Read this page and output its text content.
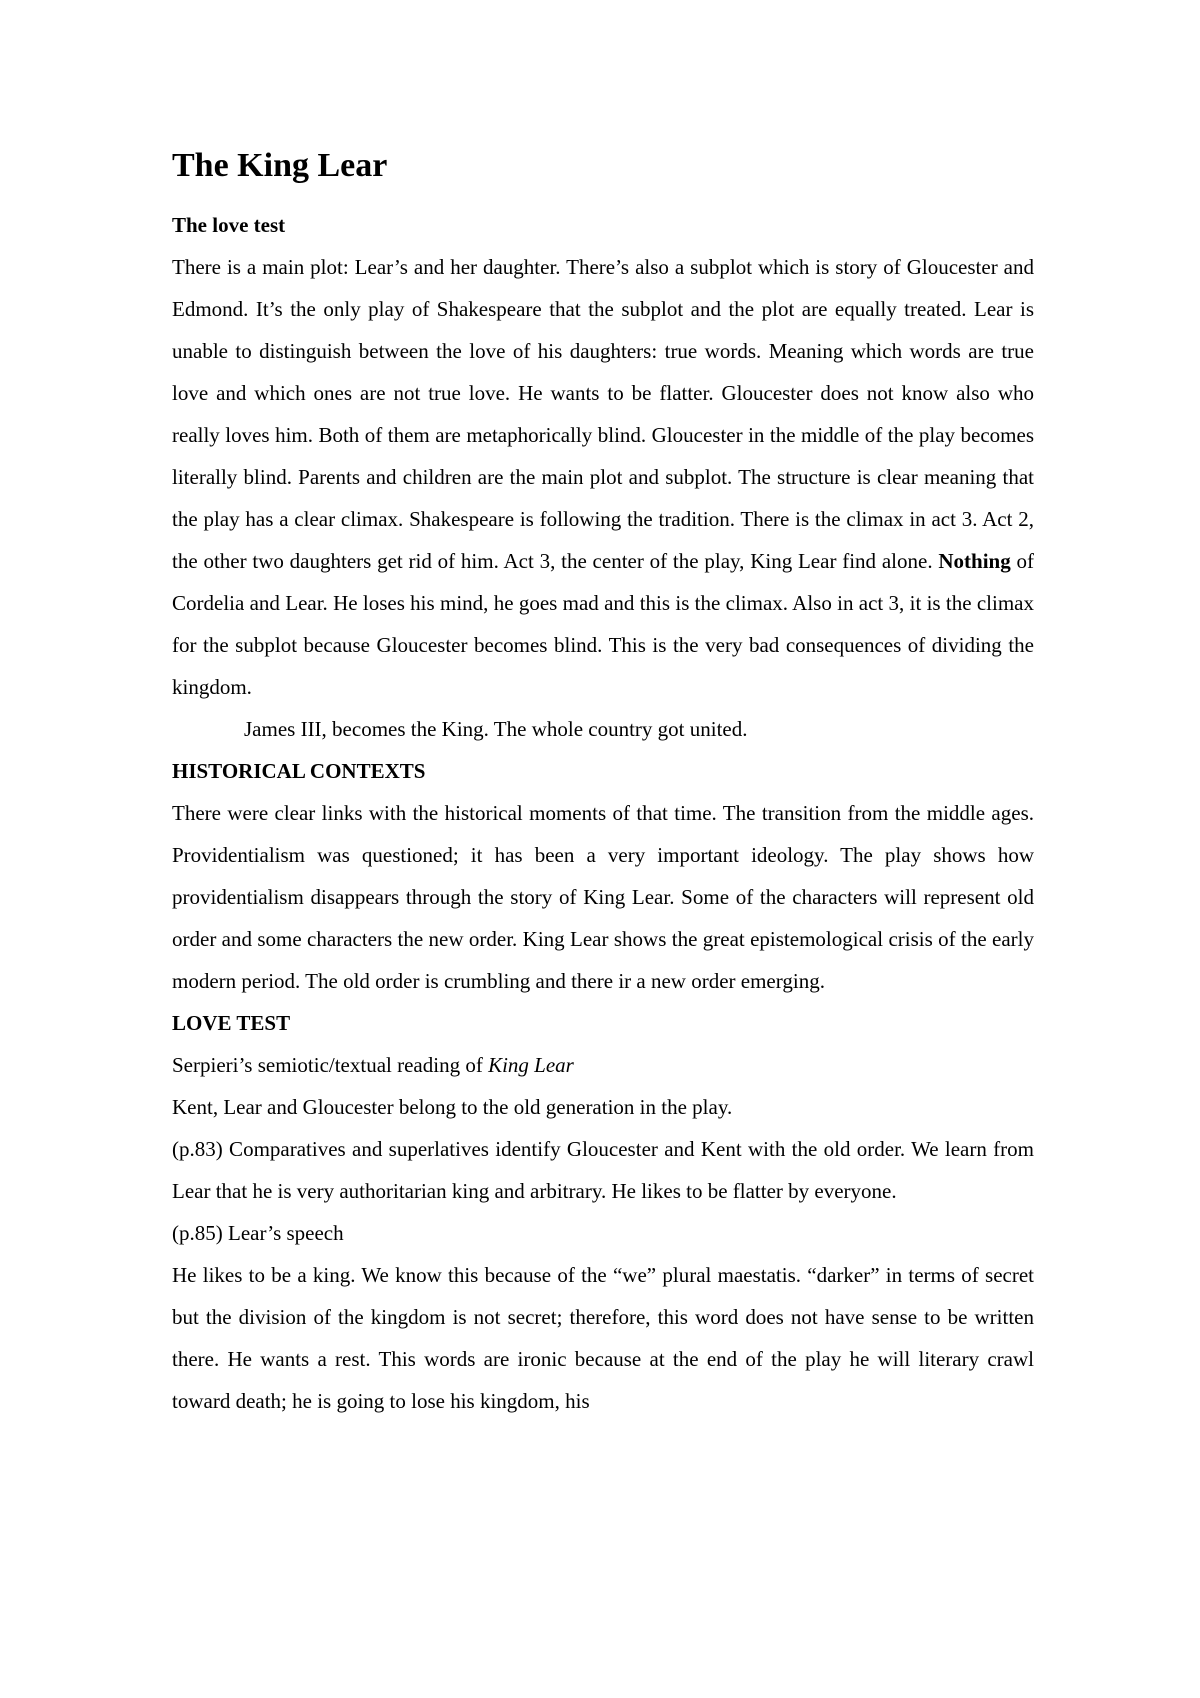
The King Lear

The love test

There is a main plot: Lear’s and her daughter. There’s also a subplot which is story of Gloucester and Edmond. It’s the only play of Shakespeare that the subplot and the plot are equally treated. Lear is unable to distinguish between the love of his daughters: true words. Meaning which words are true love and which ones are not true love. He wants to be flatter. Gloucester does not know also who really loves him. Both of them are metaphorically blind. Gloucester in the middle of the play becomes literally blind. Parents and children are the main plot and subplot. The structure is clear meaning that the play has a clear climax. Shakespeare is following the tradition. There is the climax in act 3. Act 2, the other two daughters get rid of him. Act 3, the center of the play, King Lear find alone. Nothing of Cordelia and Lear. He loses his mind, he goes mad and this is the climax. Also in act 3, it is the climax for the subplot because Gloucester becomes blind. This is the very bad consequences of dividing the kingdom.

James III, becomes the King. The whole country got united.

HISTORICAL CONTEXTS

There were clear links with the historical moments of that time. The transition from the middle ages. Providentialism was questioned; it has been a very important ideology. The play shows how providentialism disappears through the story of King Lear. Some of the characters will represent old order and some characters the new order. King Lear shows the great epistemological crisis of the early modern period. The old order is crumbling and there ir a new order emerging.

LOVE TEST

Serpieri’s semiotic/textual reading of King Lear

Kent, Lear and Gloucester belong to the old generation in the play.

(p.83) Comparatives and superlatives identify Gloucester and Kent with the old order. We learn from Lear that he is very authoritarian king and arbitrary. He likes to be flatter by everyone.

(p.85) Lear’s speech

He likes to be a king. We know this because of the “we” plural maestatis. “darker” in terms of secret but the division of the kingdom is not secret; therefore, this word does not have sense to be written there. He wants a rest. This words are ironic because at the end of the play he will literary crawl toward death; he is going to lose his kingdom, his
